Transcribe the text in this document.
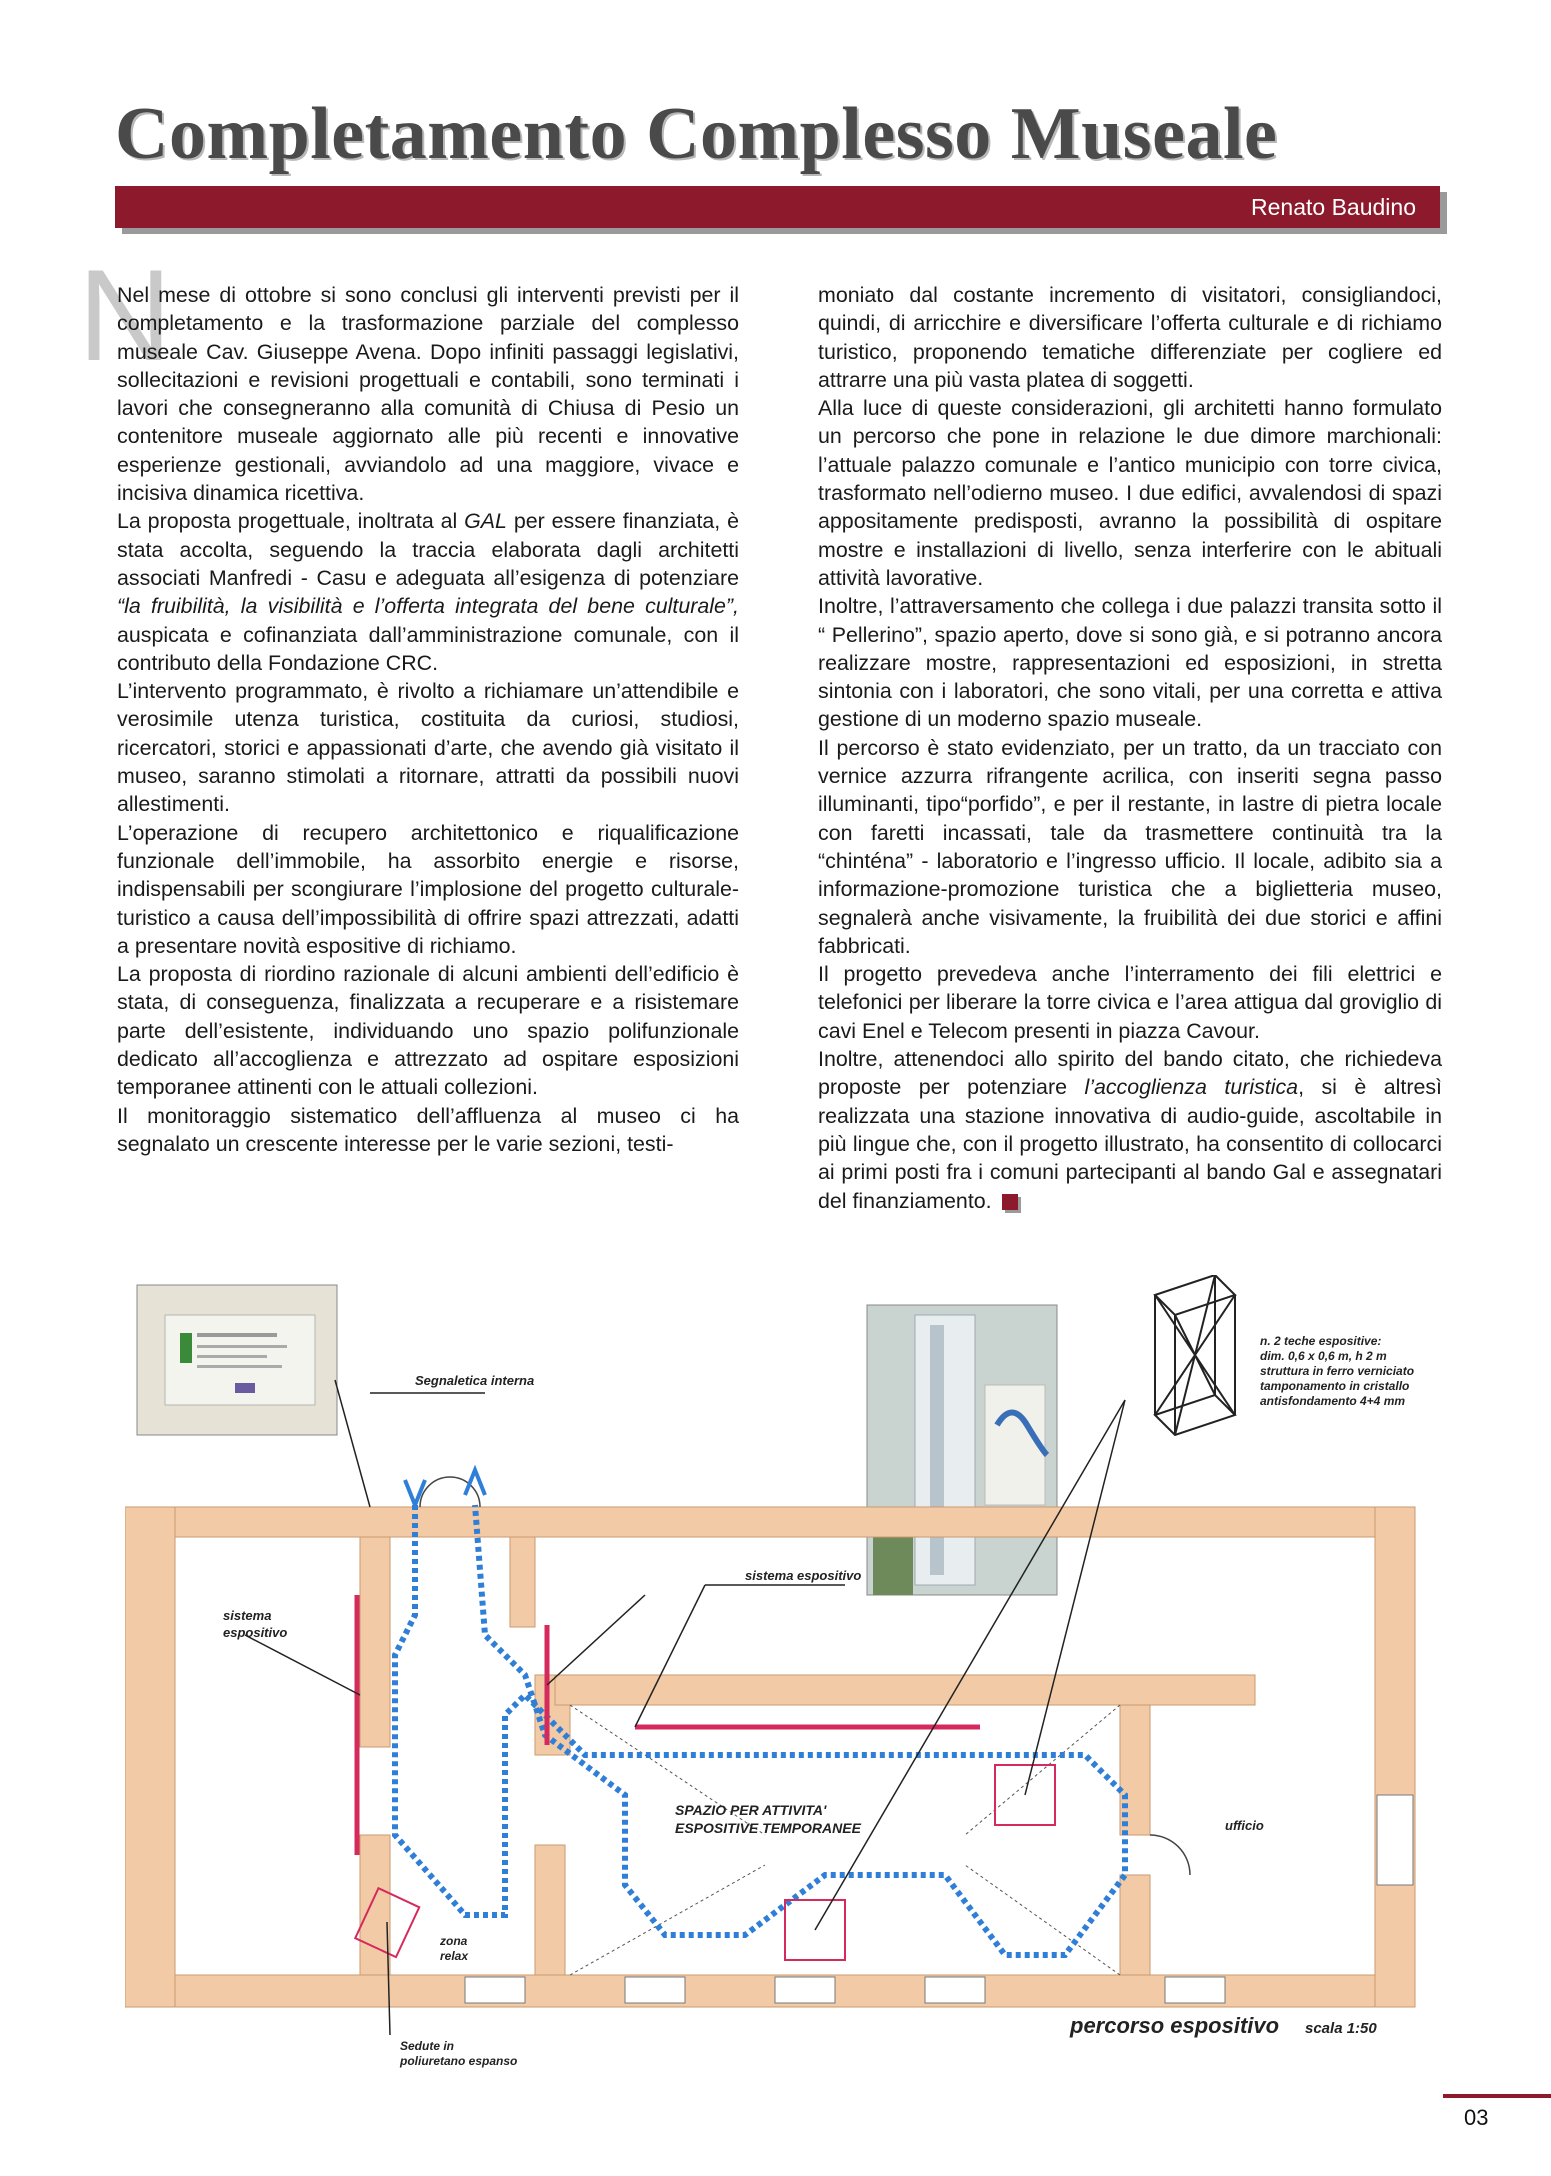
Completamento Complesso Museale
Renato Baudino
N

Nel mese di ottobre si sono conclusi gli interventi previsti per il completamento e la trasformazione parziale del complesso museale Cav. Giuseppe Avena. Dopo infiniti passaggi legislativi, sollecitazioni e revisioni progettuali e contabili, sono terminati i lavori che consegneranno alla comunità di Chiusa di Pesio un contenitore museale aggiornato alle più recenti e innovative esperienze gestionali, avviandolo ad una maggiore, vivace e incisiva dinamica ricettiva.

La proposta progettuale, inoltrata al GAL per essere finanziata, è stata accolta, seguendo la traccia elaborata dagli architetti associati Manfredi - Casu e adeguata all’esigenza di potenziare “la fruibilità, la visibilità e l’offerta integrata del bene culturale”, auspicata e cofinanziata dall’amministrazione comunale, con il contributo della Fondazione CRC.

L’intervento programmato, è rivolto a richiamare un’attendibile e verosimile utenza turistica, costituita da curiosi, studiosi, ricercatori, storici e appassionati d’arte, che avendo già visitato il museo, saranno stimolati a ritornare, attratti da possibili nuovi allestimenti.

L’operazione di recupero architettonico e riqualificazione funzionale dell’immobile, ha assorbito energie e risorse, indispensabili per scongiurare l’implosione del progetto culturale-turistico a causa dell’impossibilità di offrire spazi attrezzati, adatti a presentare novità espositive di richiamo.

La proposta di riordino razionale di alcuni ambienti dell’edificio è stata, di conseguenza, finalizzata a recuperare e a risistemare parte dell’esistente, individuando uno spazio polifunzionale dedicato all’accoglienza e attrezzato ad ospitare esposizioni temporanee attinenti con le attuali collezioni.

Il monitoraggio sistematico dell’affluenza al museo ci ha segnalato un crescente interesse per le varie sezioni, testi-

moniato dal costante incremento di visitatori, consigliandoci, quindi, di arricchire e diversificare l’offerta culturale e di richiamo turistico, proponendo tematiche differenziate per cogliere ed attrarre una più vasta platea di soggetti.

Alla luce di queste considerazioni, gli architetti hanno formulato un percorso che pone in relazione le due dimore marchionali: l’attuale palazzo comunale e l’antico municipio con torre civica, trasformato nell’odierno museo. I due edifici, avvalendosi di spazi appositamente predisposti, avranno la possibilità di ospitare mostre e installazioni di livello, senza interferire con le abituali attività lavorative.

Inoltre, l’attraversamento che collega i due palazzi transita sotto il “ Pellerino”, spazio aperto, dove si sono già, e si potranno ancora realizzare mostre, rappresentazioni ed esposizioni, in stretta sintonia con i laboratori, che sono vitali, per una corretta e attiva gestione di un moderno spazio museale.

Il percorso è stato evidenziato, per un tratto, da un tracciato con vernice azzurra rifrangente acrilica, con inseriti segna passo illuminanti, tipo“porfido”, e per il restante, in lastre di pietra locale con faretti incassati, tale da trasmettere continuità tra la “chinténa” - laboratorio e l’ingresso ufficio. Il locale, adibito sia a informazione-promozione turistica che a biglietteria museo, segnalerà anche visivamente, la fruibilità dei due storici e affini fabbricati.

Il progetto prevedeva anche l’interramento dei fili elettrici e telefonici per liberare la torre civica e l’area attigua dal groviglio di cavi Enel e Telecom presenti in piazza Cavour.

Inoltre, attenendoci allo spirito del bando citato, che richiedeva proposte per potenziare l’accoglienza turistica, si è altresì realizzata una stazione innovativa di audio-guide, ascoltabile in più lingue che, con il progetto illustrato, ha consentito di collocarci ai primi posti fra i comuni partecipanti al bando Gal e assegnatari del finanziamento.

Segnaletica interna
sistema
espositivo
sistema espositivo
n. 2 teche espositive:
dim. 0,6 x 0,6 m, h 2 m
struttura in ferro verniciato
tamponamento in cristallo
antisfondamento 4+4 mm
SPAZIO PER ATTIVITA'
ESPOSITIVE TEMPORANEE	ufficio
zona
relax
Sedute in
poliuretano espanso
percorso espositivo scala 1:50
03
